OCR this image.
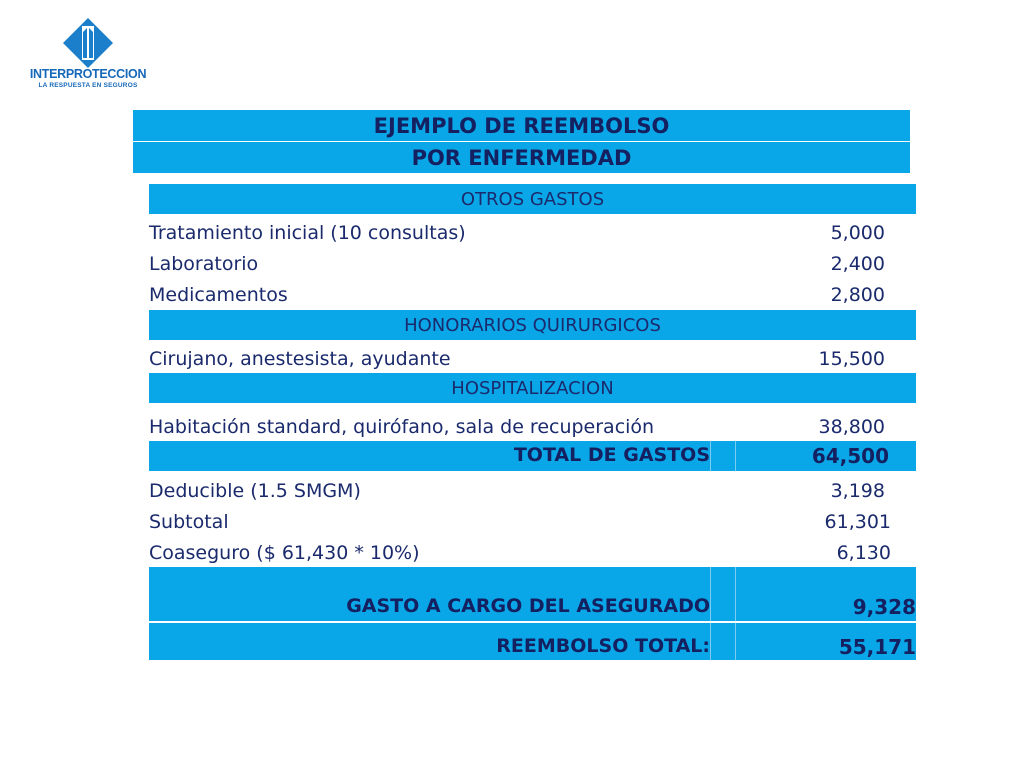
INTERPROTECCION
LA RESPUESTA EN SEGUROS
EJEMPLO DE REEMBOLSO
POR ENFERMEDAD
OTROS GASTOS
Tratamiento inicial (10 consultas)	5,000
Laboratorio	2,400
Medicamentos	2,800
HONORARIOS QUIRURGICOS
Cirujano, anestesista, ayudante	15,500
HOSPITALIZACION
Habitación standard, quirófano, sala de recuperación	38,800
TOTAL DE GASTOS	64,500
Deducible (1.5 SMGM)	3,198
Subtotal	61,301
Coaseguro ($ 61,430 * 10%)	6,130
GASTO A CARGO DEL ASEGURADO	9,328
REEMBOLSO TOTAL:	55,171
